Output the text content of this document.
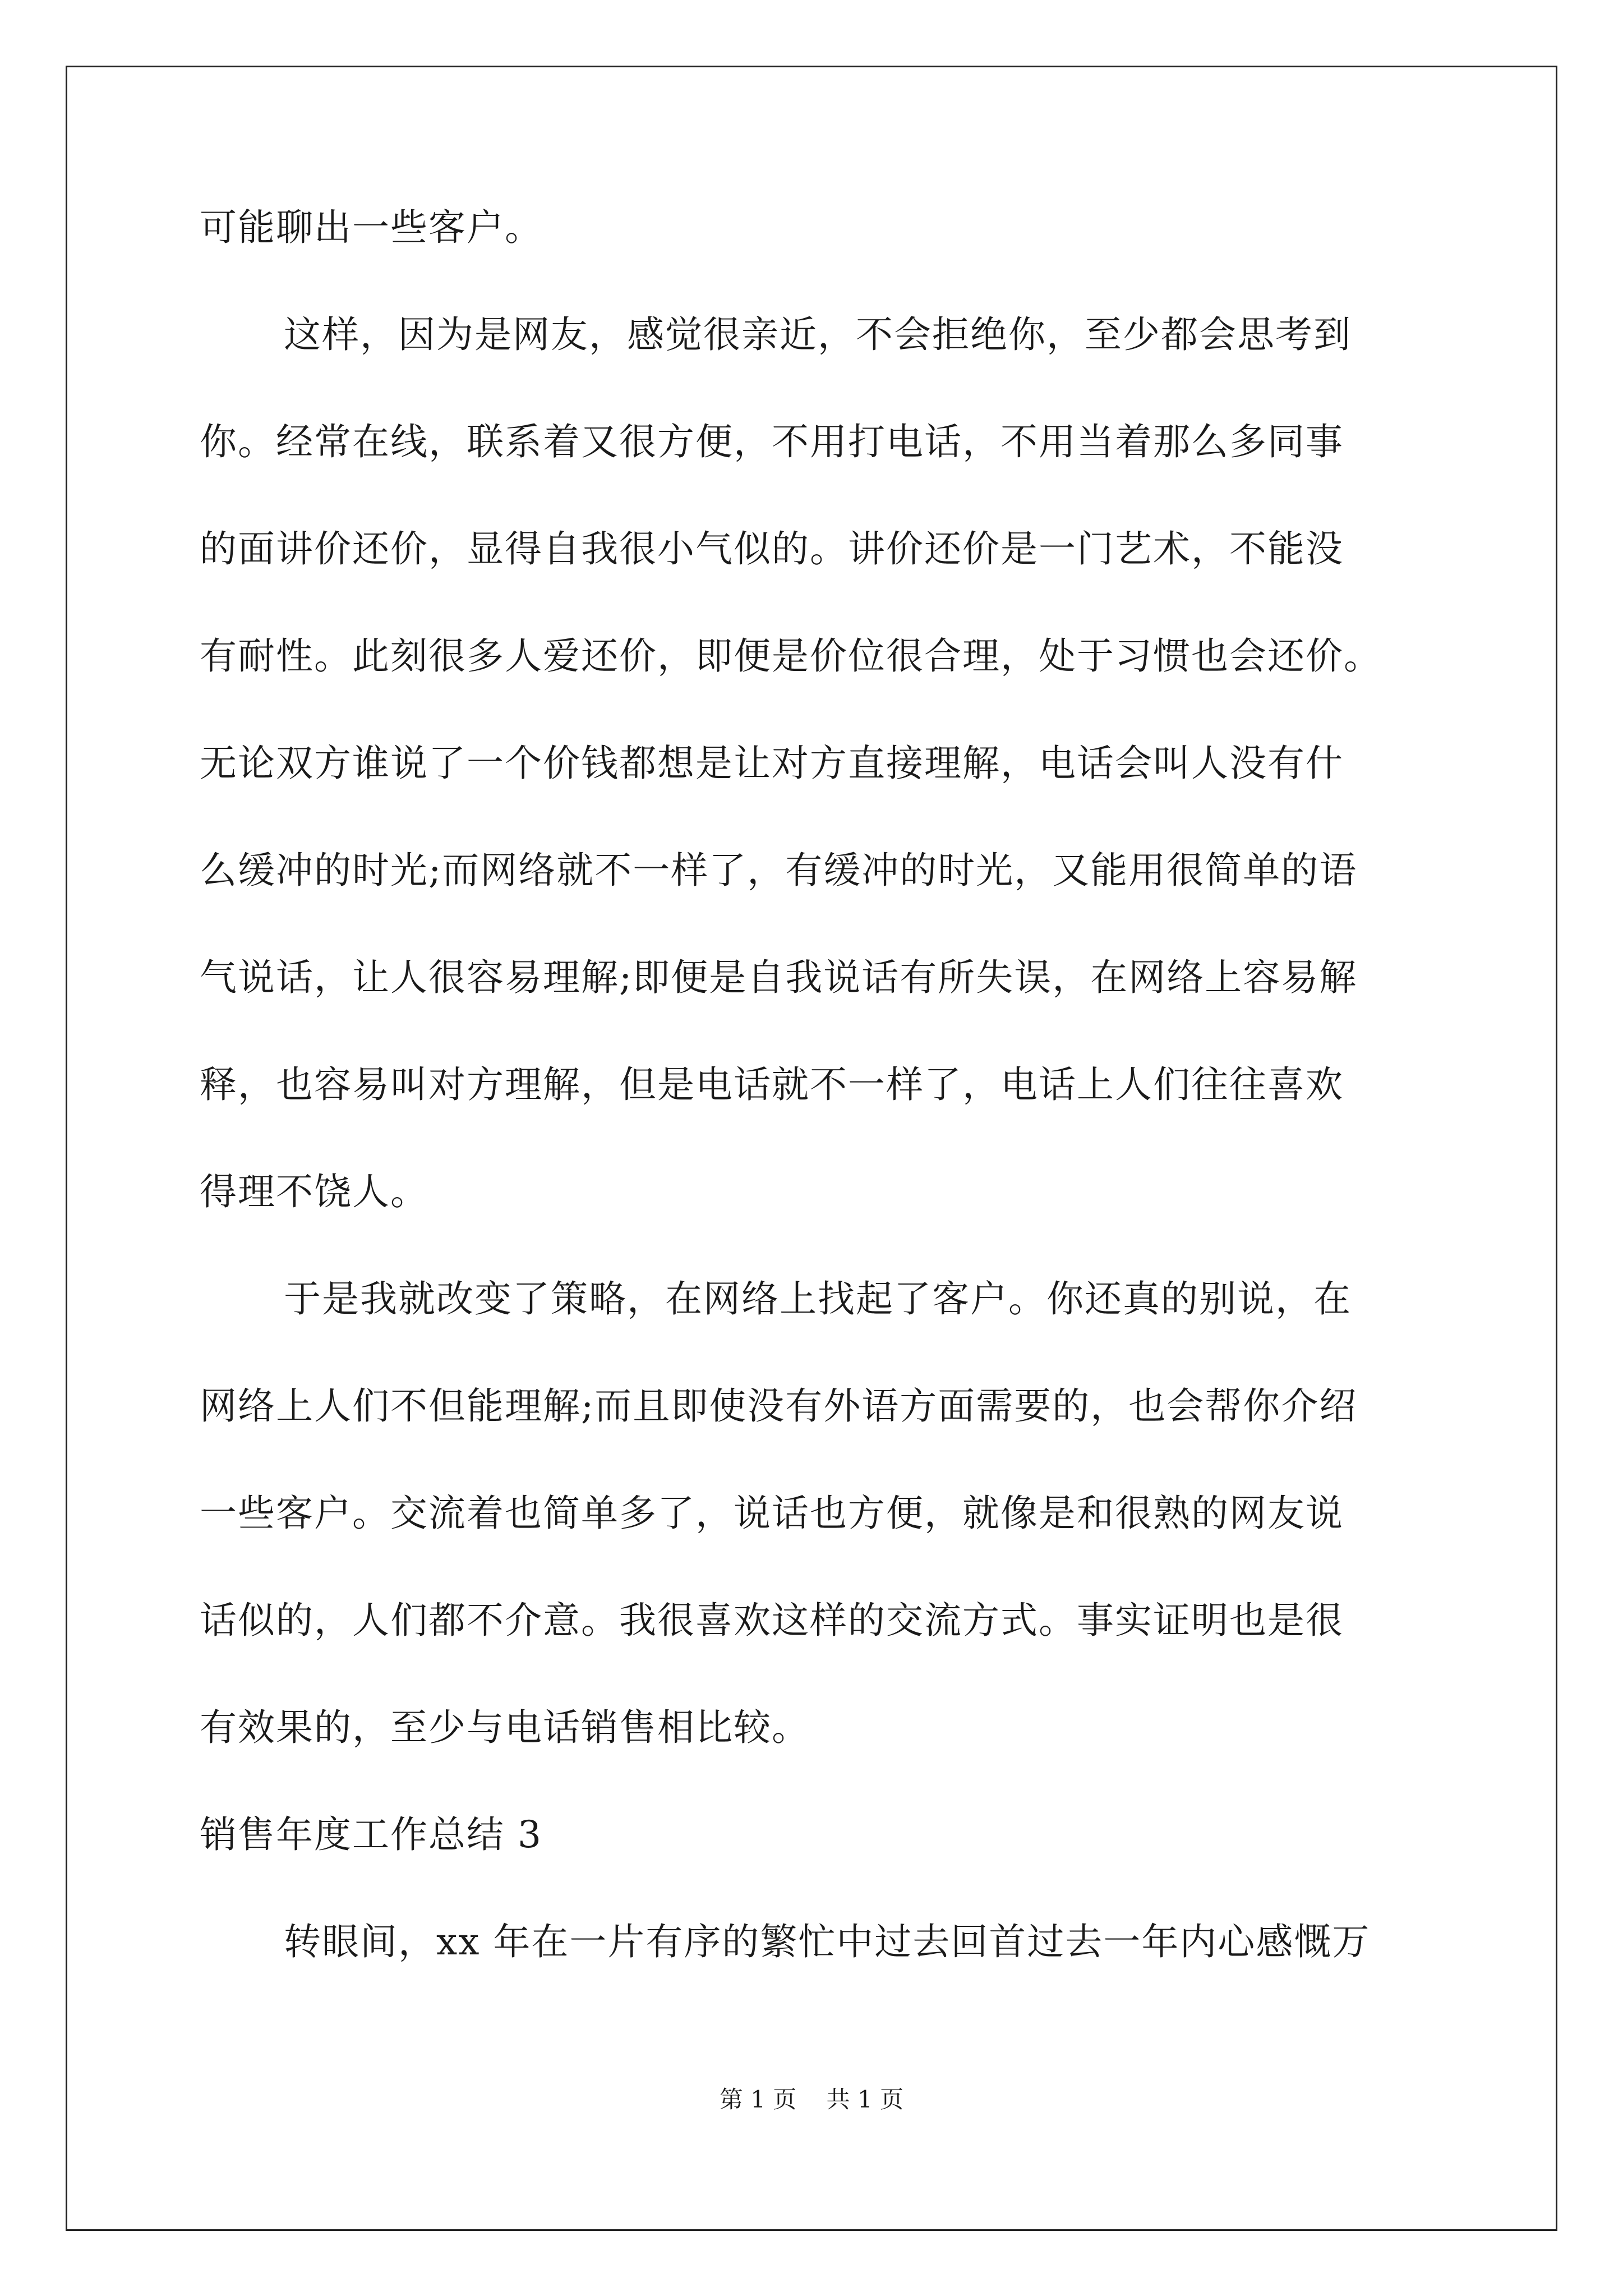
可能聊出一些客户。
这样，因为是网友，感觉很亲近，不会拒绝你，至少都会思考到
你。经常在线，联系着又很方便，不用打电话，不用当着那么多同事
的面讲价还价，显得自我很小气似的。讲价还价是一门艺术，不能没
有耐性。此刻很多人爱还价，即便是价位很合理，处于习惯也会还价。
无论双方谁说了一个价钱都想是让对方直接理解，电话会叫人没有什
么缓冲的时光;而网络就不一样了，有缓冲的时光，又能用很简单的语
气说话，让人很容易理解;即便是自我说话有所失误，在网络上容易解
释，也容易叫对方理解，但是电话就不一样了，电话上人们往往喜欢
得理不饶人。
于是我就改变了策略，在网络上找起了客户。你还真的别说，在
网络上人们不但能理解;而且即使没有外语方面需要的，也会帮你介绍
一些客户。交流着也简单多了，说话也方便，就像是和很熟的网友说
话似的，人们都不介意。我很喜欢这样的交流方式。事实证明也是很
有效果的，至少与电话销售相比较。
销售年度工作总结 3
转眼间，xx 年在一片有序的繁忙中过去回首过去一年内心感慨万
第 1 页 共 1 页
